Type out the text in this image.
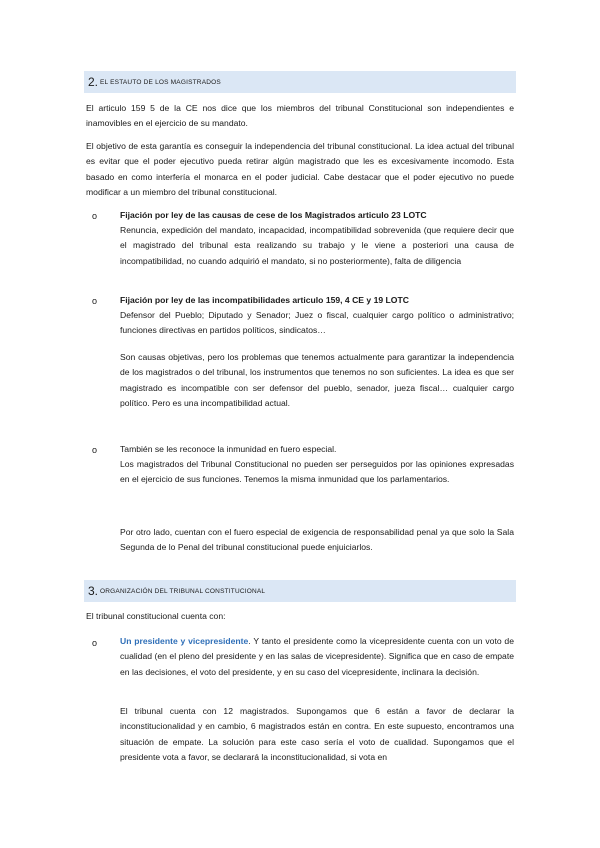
2. EL ESTAUTO DE LOS MAGISTRADOS

El articulo 159 5 de la CE nos dice que los miembros del tribunal Constitucional son independientes e inamovibles en el ejercicio de su mandato.

El objetivo de esta garantía es conseguir la independencia del tribunal constitucional. La idea actual del tribunal es evitar que el poder ejecutivo pueda retirar algún magistrado que les es excesivamente incomodo. Esta basado en como interfería el monarca en el poder judicial. Cabe destacar que el poder ejecutivo no puede modificar a un miembro del tribunal constitucional.

o	Fijación por ley de las causas de cese de los Magistrados articulo 23 LOTC

Renuncia, expedición del mandato, incapacidad, incompatibilidad sobrevenida (que requiere decir que el magistrado del tribunal esta realizando su trabajo y le viene a posteriori una causa de incompatibilidad, no cuando adquirió el mandato, si no posteriormente), falta de diligencia

o	Fijación por ley de las incompatibilidades articulo 159, 4 CE y 19 LOTC

Defensor del Pueblo; Diputado y Senador; Juez o fiscal, cualquier cargo político o administrativo; funciones directivas en partidos políticos, sindicatos…

Son causas objetivas, pero los problemas que tenemos actualmente para garantizar la independencia de los magistrados o del tribunal, los instrumentos que tenemos no son suficientes. La idea es que ser magistrado es incompatible con ser defensor del pueblo, senador, jueza fiscal… cualquier cargo político. Pero es una incompatibilidad actual.

o	También se les reconoce la inmunidad en fuero especial.

Los magistrados del Tribunal Constitucional no pueden ser perseguidos por las opiniones expresadas en el ejercicio de sus funciones. Tenemos la misma inmunidad que los parlamentarios.

Por otro lado, cuentan con el fuero especial de exigencia de responsabilidad penal ya que solo la Sala Segunda de lo Penal del tribunal constitucional puede enjuiciarlos.

3. ORGANIZACIÓN DEL TRIBUNAL CONSTITUCIONAL

El tribunal constitucional cuenta con:

o	Un presidente y vicepresidente. Y tanto el presidente como la vicepresidente cuenta con un voto de cualidad (en el pleno del presidente y en las salas de vicepresidente). Significa que en caso de empate en las decisiones, el voto del presidente, y en su caso del vicepresidente, inclinara la decisión.

El tribunal cuenta con 12 magistrados. Supongamos que 6 están a favor de declarar la inconstitucionalidad y en cambio, 6 magistrados están en contra. En este supuesto, encontramos una situación de empate. La solución para este caso sería el voto de cualidad. Supongamos que el presidente vota a favor, se declarará la inconstitucionalidad, si vota en
